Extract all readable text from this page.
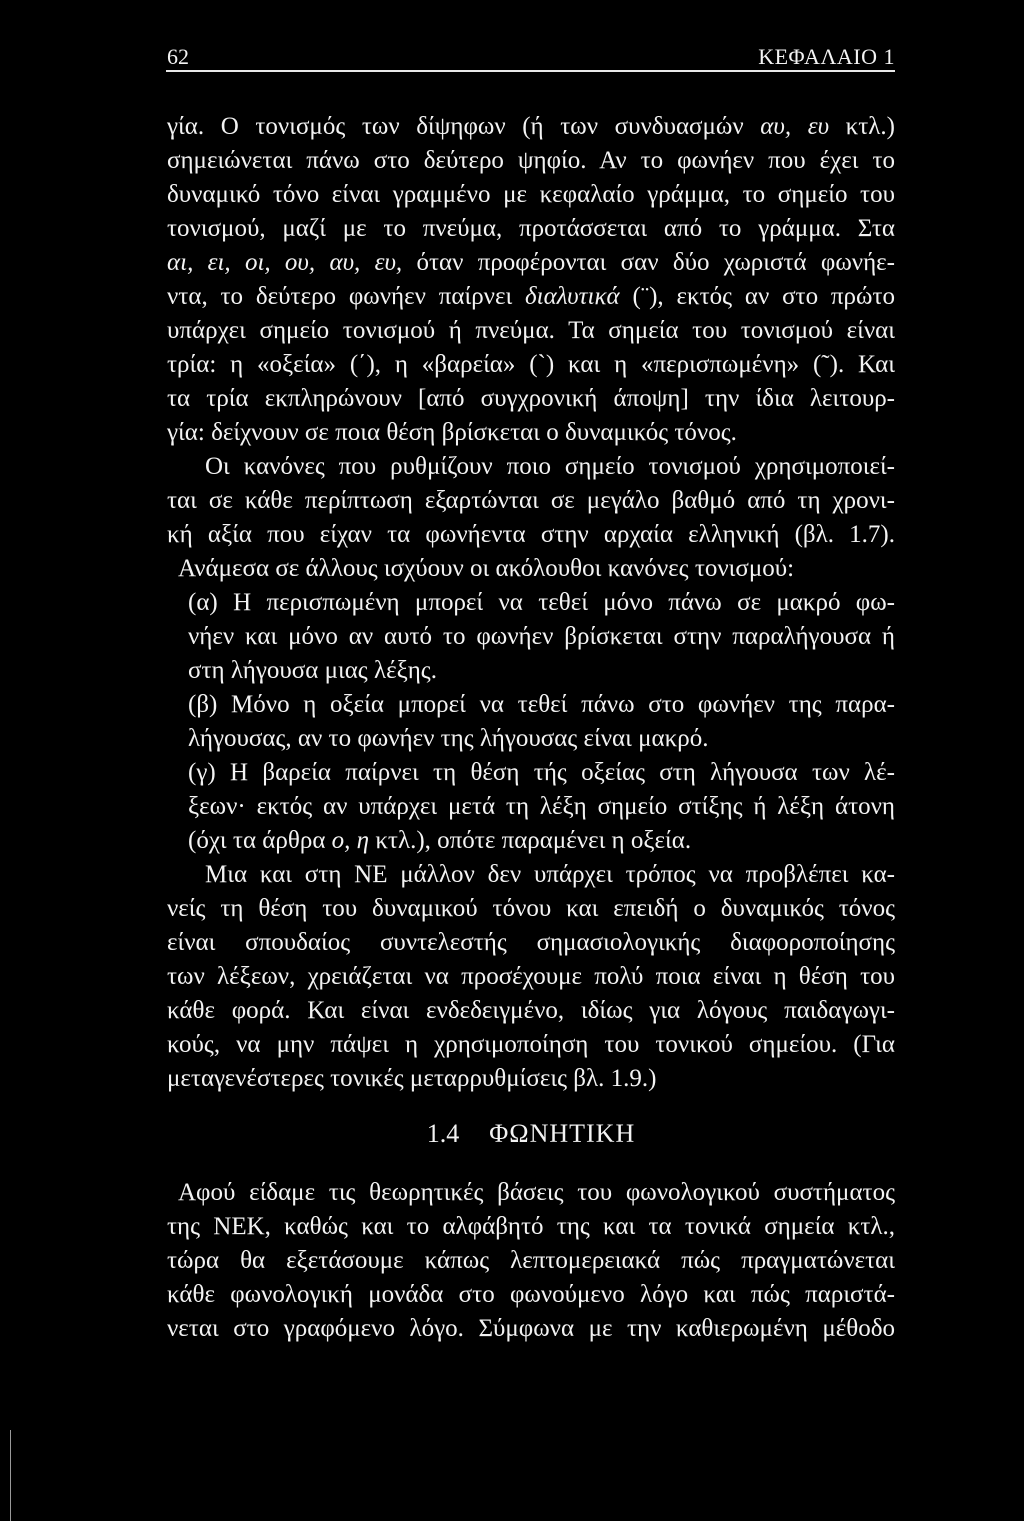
62	ΚΕΦΑΛΑΙΟ 1
γία. Ο τονισμός των δίψηφων (ή των συνδυασμών αυ, ευ κτλ.)
σημειώνεται πάνω στο δεύτερο ψηφίο. Αν το φωνήεν που έχει το
δυναμικό τόνο είναι γραμμένο με κεφαλαίο γράμμα, το σημείο του
τονισμού, μαζί με το πνεύμα, προτάσσεται από το γράμμα. Στα
αι, ει, οι, ου, αυ, ευ, όταν προφέρονται σαν δύο χωριστά φωνήε-
ντα, το δεύτερο φωνήεν παίρνει διαλυτικά (¨), εκτός αν στο πρώτο
υπάρχει σημείο τονισμού ή πνεύμα. Τα σημεία του τονισμού είναι
τρία: η «οξεία» (΄), η «βαρεία» (`) και η «περισπωμένη» (῀). Και
τα τρία εκπληρώνουν [από συγχρονική άποψη] την ίδια λειτουρ-
γία: δείχνουν σε ποια θέση βρίσκεται ο δυναμικός τόνος.
Οι κανόνες που ρυθμίζουν ποιο σημείο τονισμού χρησιμοποιεί-
ται σε κάθε περίπτωση εξαρτώνται σε μεγάλο βαθμό από τη χρονι-
κή αξία που είχαν τα φωνήεντα στην αρχαία ελληνική (βλ. 1.7).
Ανάμεσα σε άλλους ισχύουν οι ακόλουθοι κανόνες τονισμού:
(α) Η περισπωμένη μπορεί να τεθεί μόνο πάνω σε μακρό φω-
νήεν και μόνο αν αυτό το φωνήεν βρίσκεται στην παραλήγουσα ή
στη λήγουσα μιας λέξης.
(β) Μόνο η οξεία μπορεί να τεθεί πάνω στο φωνήεν της παρα-
λήγουσας, αν το φωνήεν της λήγουσας είναι μακρό.
(γ) Η βαρεία παίρνει τη θέση τής οξείας στη λήγουσα των λέ-
ξεων· εκτός αν υπάρχει μετά τη λέξη σημείο στίξης ή λέξη άτονη
(όχι τα άρθρα ο, η κτλ.), οπότε παραμένει η οξεία.
Μια και στη ΝΕ μάλλον δεν υπάρχει τρόπος να προβλέπει κα-
νείς τη θέση του δυναμικού τόνου και επειδή ο δυναμικός τόνος
είναι σπουδαίος συντελεστής σημασιολογικής διαφοροποίησης
των λέξεων, χρειάζεται να προσέχουμε πολύ ποια είναι η θέση του
κάθε φορά. Και είναι ενδεδειγμένο, ιδίως για λόγους παιδαγωγι-
κούς, να μην πάψει η χρησιμοποίηση του τονικού σημείου. (Για
μεταγενέστερες τονικές μεταρρυθμίσεις βλ. 1.9.)
1.4 ΦΩΝΗΤΙΚΗ
Αφού είδαμε τις θεωρητικές βάσεις του φωνολογικού συστήματος
της ΝΕΚ, καθώς και το αλφάβητό της και τα τονικά σημεία κτλ.,
τώρα θα εξετάσουμε κάπως λεπτομερειακά πώς πραγματώνεται
κάθε φωνολογική μονάδα στο φωνούμενο λόγο και πώς παριστά-
νεται στο γραφόμενο λόγο. Σύμφωνα με την καθιερωμένη μέθοδο
